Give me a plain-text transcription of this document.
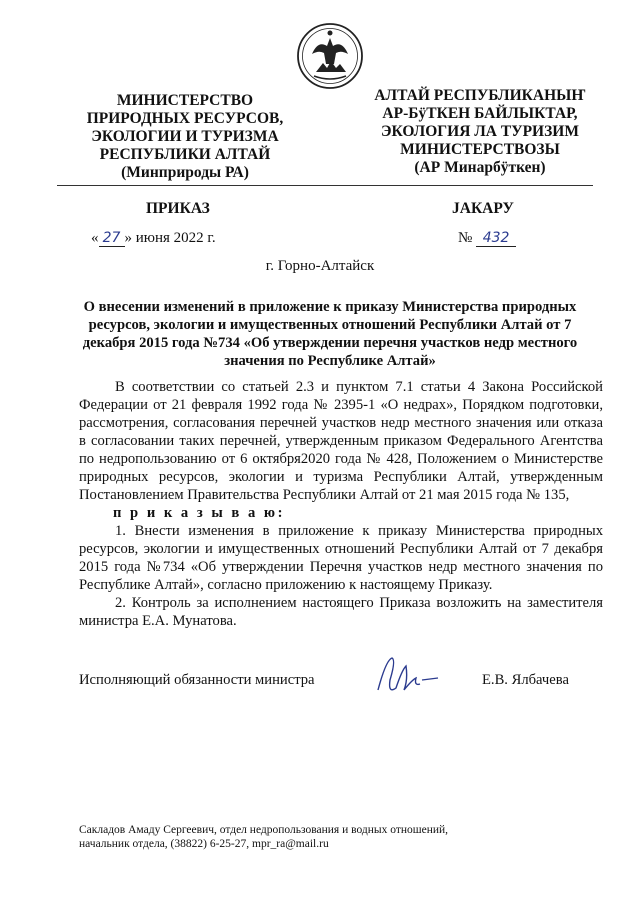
МИНИСТЕРСТВО
ПРИРОДНЫХ РЕСУРСОВ,
ЭКОЛОГИИ И ТУРИЗМА
РЕСПУБЛИКИ АЛТАЙ
(Минприроды РА)
АЛТАЙ РЕСПУБЛИКАНЫҤ
АР-БÿТКЕН БАЙЛЫКТАР,
ЭКОЛОГИЯ ЛА ТУРИЗИМ
МИНИСТЕРСТВОЗЫ
(АР Минарбÿткен)
ПРИКАЗ	JАКАРУ
« 27 » июня 2022 г.	№ 432
г. Горно-Алтайск
О внесении изменений в приложение к приказу Министерства природных ресурсов, экологии и имущественных отношений Республики Алтай от 7 декабря 2015 года №734 «Об утверждении перечня участков недр местного значения по Республике Алтай»

В соответствии со статьей 2.3 и пунктом 7.1 статьи 4 Закона Российской Федерации от 21 февраля 1992 года № 2395-1 «О недрах», Порядком подготовки, рассмотрения, согласования перечней участков недр местного значения или отказа в согласовании таких перечней, утвержденным приказом Федерального Агентства по недропользованию от 6 октября2020 года № 428, Положением о Министерстве природных ресурсов, экологии и туризма Республики Алтай, утвержденным Постановлением Правительства Республики Алтай от 21 мая 2015 года № 135,

п р и к а з ы в а ю:

1. Внести изменения в приложение к приказу Министерства природных ресурсов, экологии и имущественных отношений Республики Алтай от 7 декабря 2015 года №734 «Об утверждении Перечня участков недр местного значения по Республике Алтай», согласно приложению к настоящему Приказу.

2. Контроль за исполнением настоящего Приказа возложить на заместителя министра Е.А. Мунатова.

Исполняющий обязанности министра	Е.В. Ялбачева
Сакладов Амаду Сергеевич, отдел недропользования и водных отношений,
начальник отдела, (38822) 6-25-27, mpr_ra@mail.ru
